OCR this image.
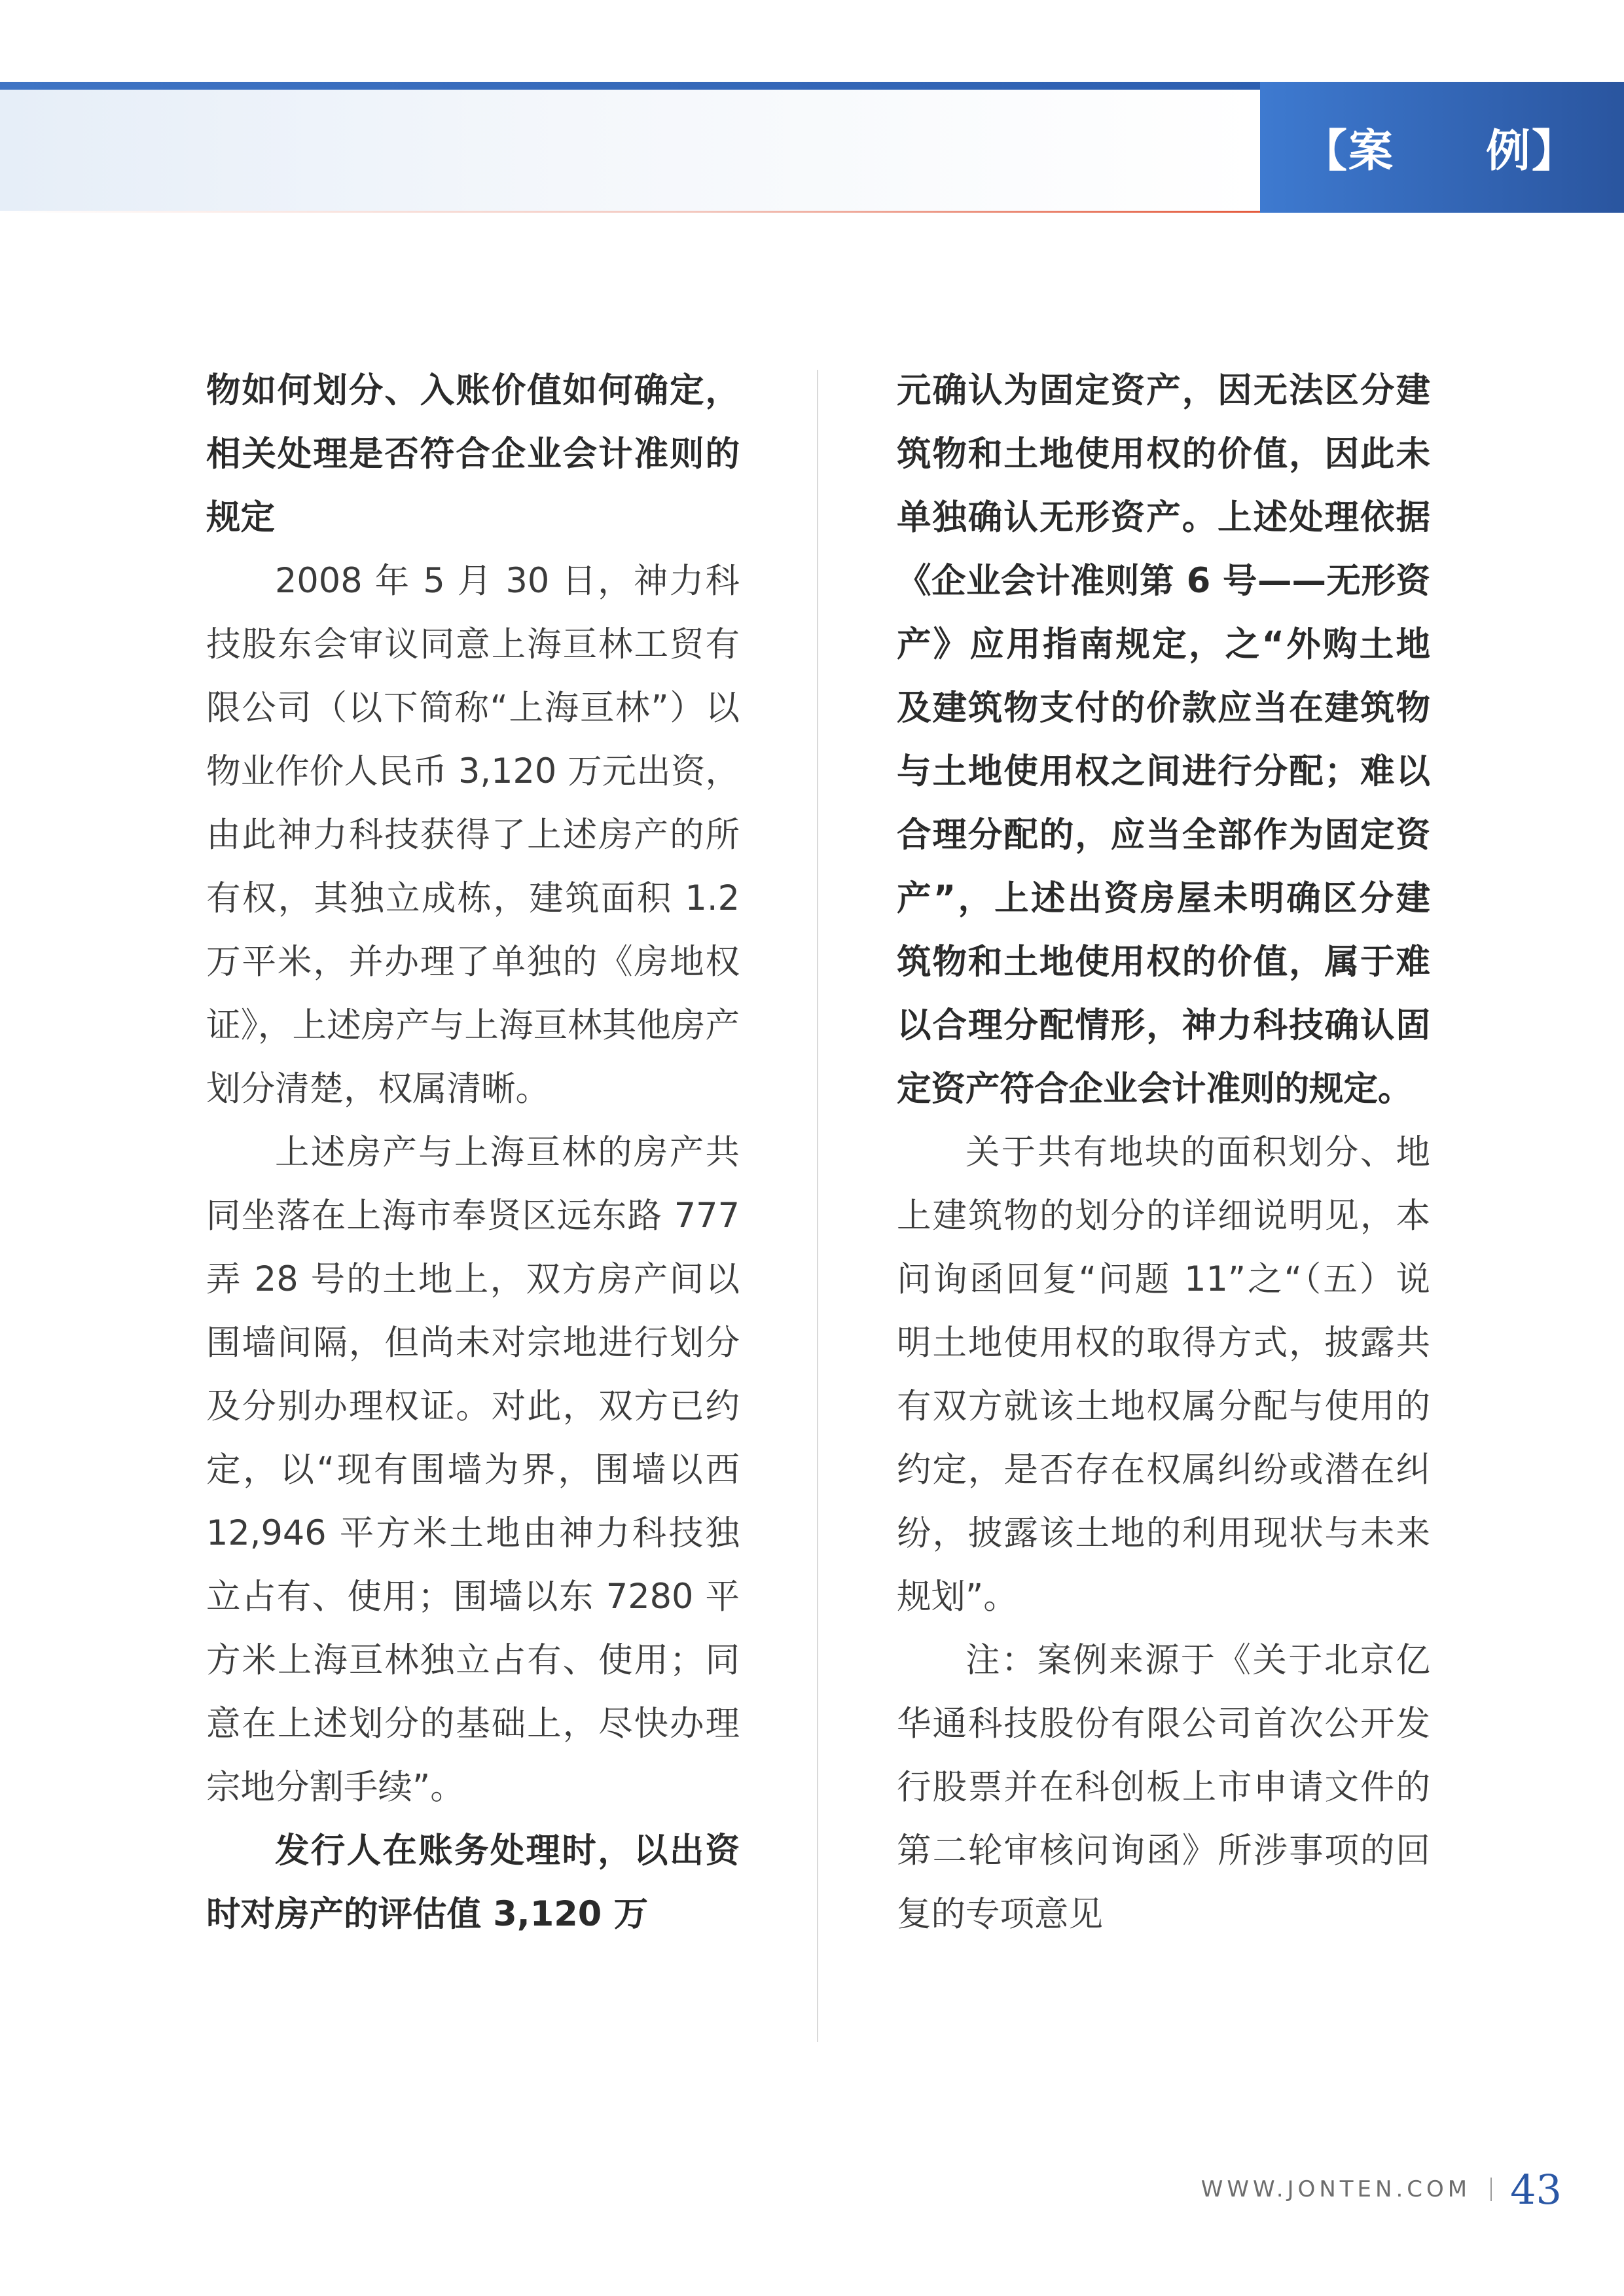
【案　　例】

物如何划分、入账价值如何确定，相关处理是否符合企业会计准则的规定

2008 年 5 月 30 日，神力科技股东会审议同意上海亘林工贸有限公司（以下简称“上海亘林”）以物业作价人民币 3,120 万元出资，由此神力科技获得了上述房产的所有权，其独立成栋，建筑面积 1.2 万平米，并办理了单独的《房地权证》，上述房产与上海亘林其他房产划分清楚，权属清晰。

上述房产与上海亘林的房产共同坐落在上海市奉贤区远东路 777 弄 28 号的土地上，双方房产间以围墙间隔，但尚未对宗地进行划分及分别办理权证。对此，双方已约定，以“现有围墙为界，围墙以西 12,946 平方米土地由神力科技独立占有、使用；围墙以东 7280 平方米上海亘林独立占有、使用；同意在上述划分的基础上，尽快办理宗地分割手续”。

发行人在账务处理时，以出资时对房产的评估值 3,120 万

元确认为固定资产，因无法区分建筑物和土地使用权的价值，因此未单独确认无形资产。上述处理依据《企业会计准则第 6 号——无形资产》应用指南规定，之“外购土地及建筑物支付的价款应当在建筑物与土地使用权之间进行分配；难以合理分配的，应当全部作为固定资产”，上述出资房屋未明确区分建筑物和土地使用权的价值，属于难以合理分配情形，神力科技确认固定资产符合企业会计准则的规定。

关于共有地块的面积划分、地上建筑物的划分的详细说明见，本问询函回复“问题 11”之“（五）说明土地使用权的取得方式，披露共有双方就该土地权属分配与使用的约定，是否存在权属纠纷或潜在纠纷，披露该土地的利用现状与未来规划”。

注：案例来源于《关于北京亿华通科技股份有限公司首次公开发行股票并在科创板上市申请文件的第二轮审核问询函》所涉事项的回复的专项意见

WWW.JONTEN.COM 43
